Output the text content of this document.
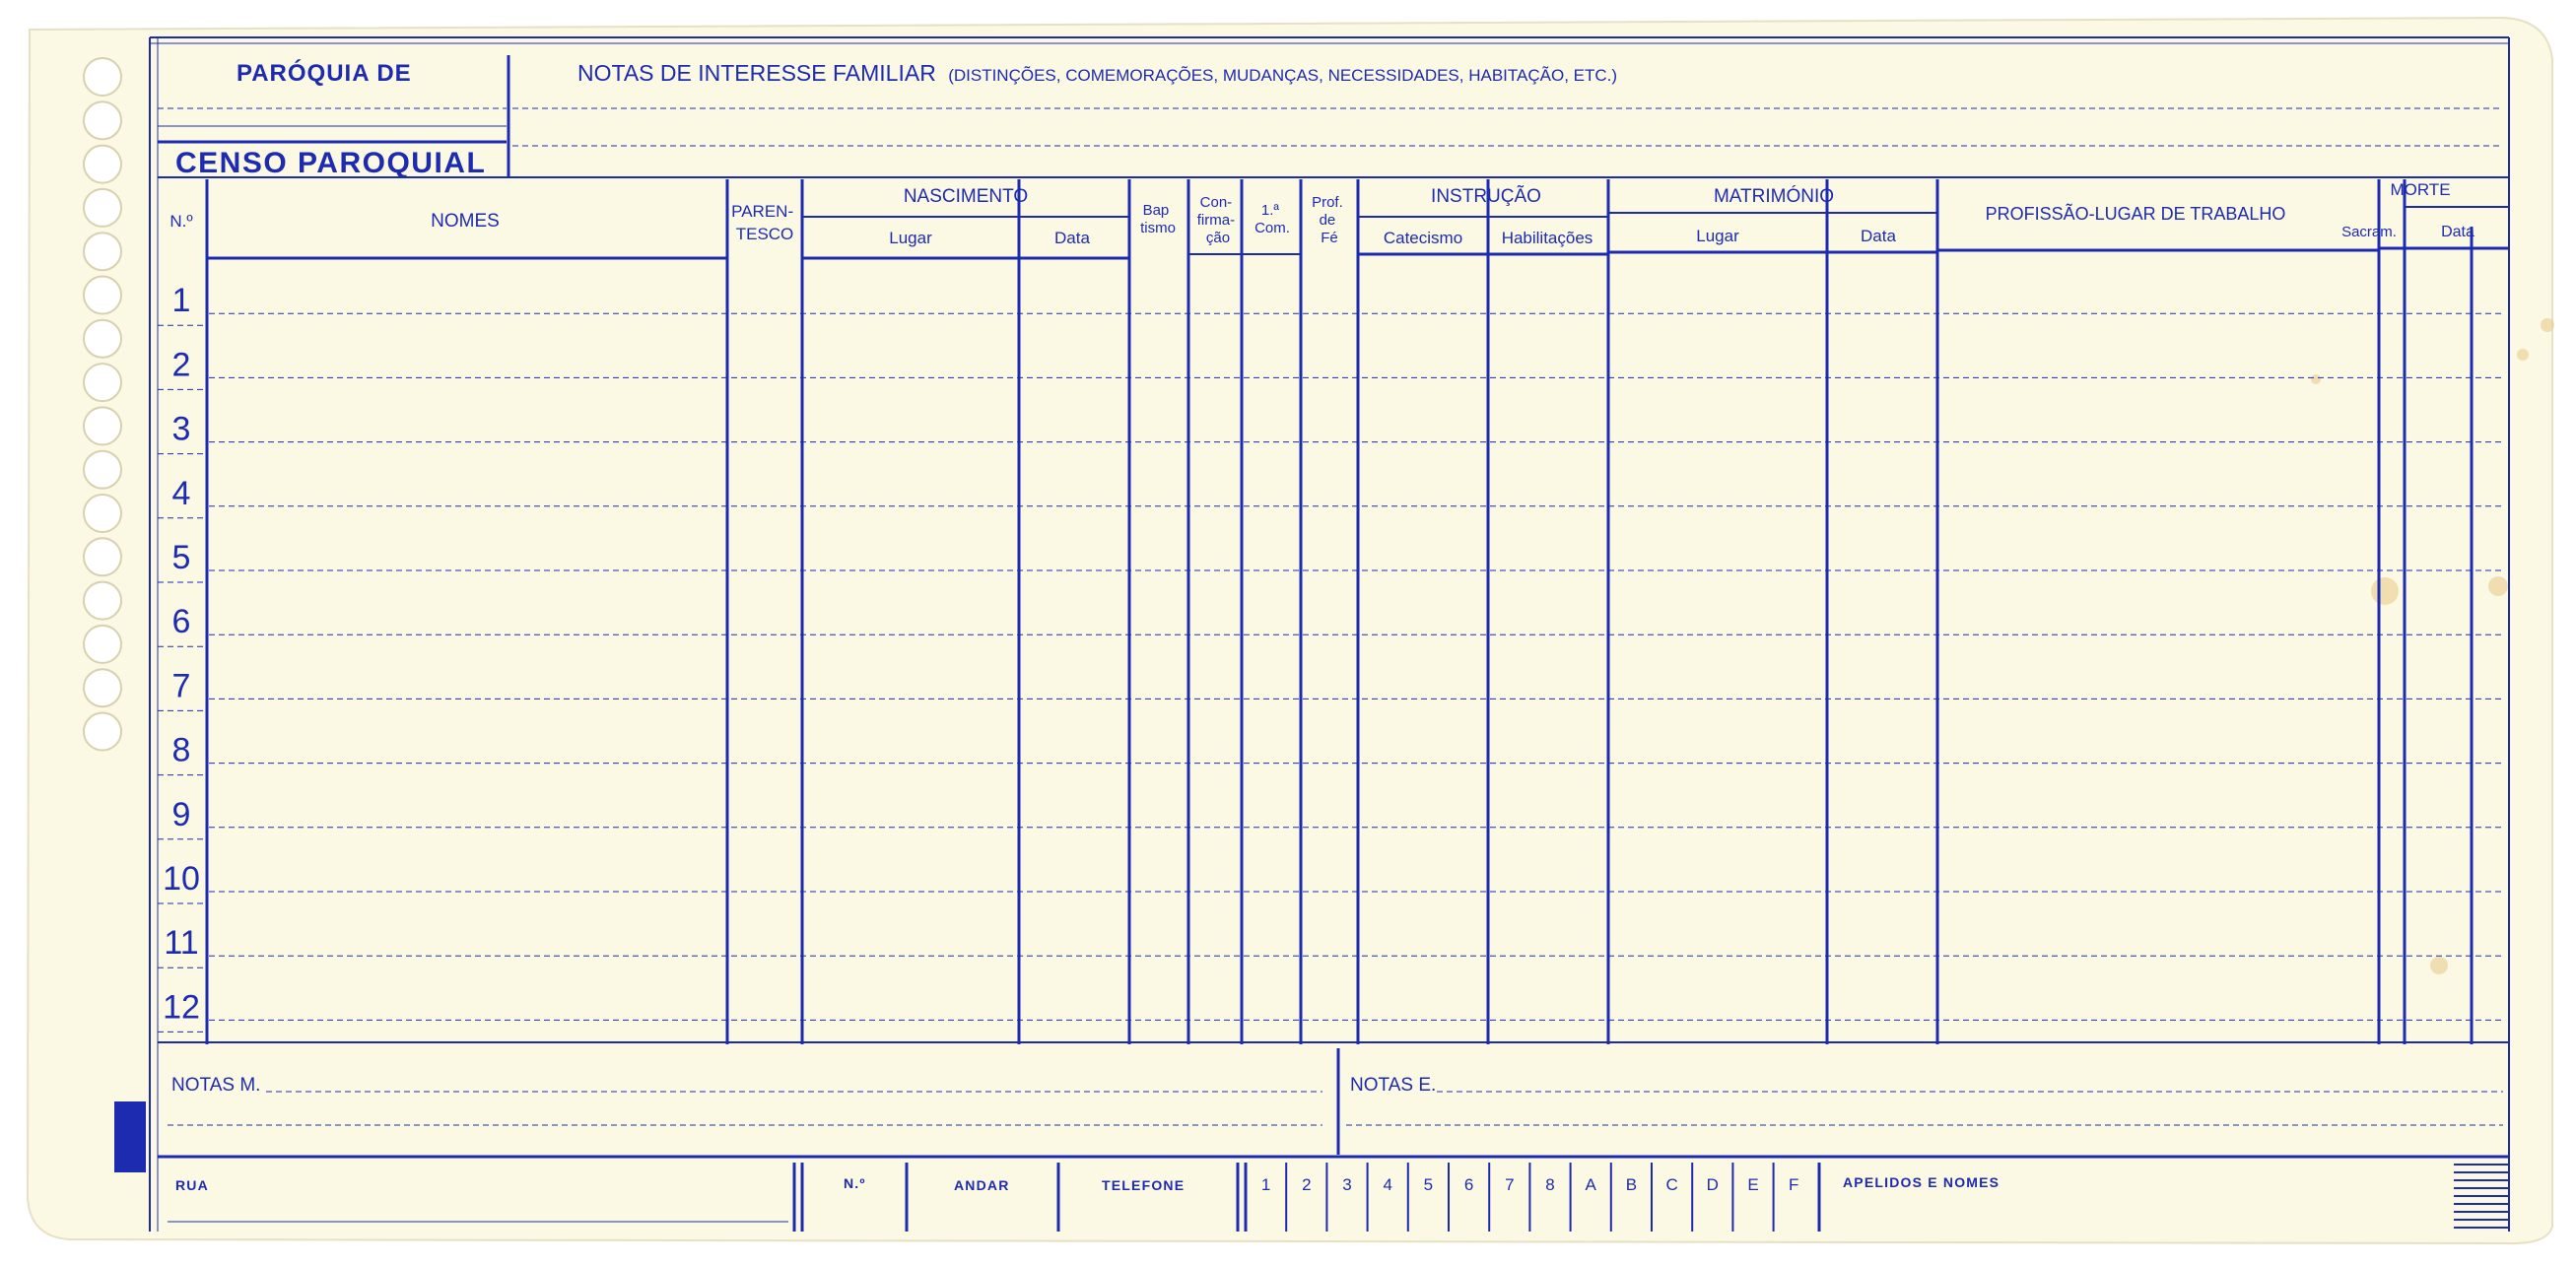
PARÓQUIA DE
CENSO PAROQUIAL
NOTAS DE INTERESSE FAMILIAR (DISTINÇÕES, COMEMORAÇÕES, MUDANÇAS, NECESSIDADES, HABITAÇÃO, ETC.)
N.º	NOMES	PAREN- TESCO
NASCIMENTO
Lugar	Data
Bap tismo
Con- firma- ção
1.ª Com.
Prof. de Fé
INSTRUÇÃO
Catecismo Habilitações
MATRIMÓNIO
Lugar	Data
PROFISSÃO-LUGAR DE TRABALHO
MORTE
Sacram.	Data
1
2
3
4
5
6
7
8
9
10
11
12
NOTAS M.	NOTAS E.
RUA	N.º	ANDAR	TELEFONE	APELIDOS E NOMES
1 2 3 4 5 6 7 8 A B C D E F
